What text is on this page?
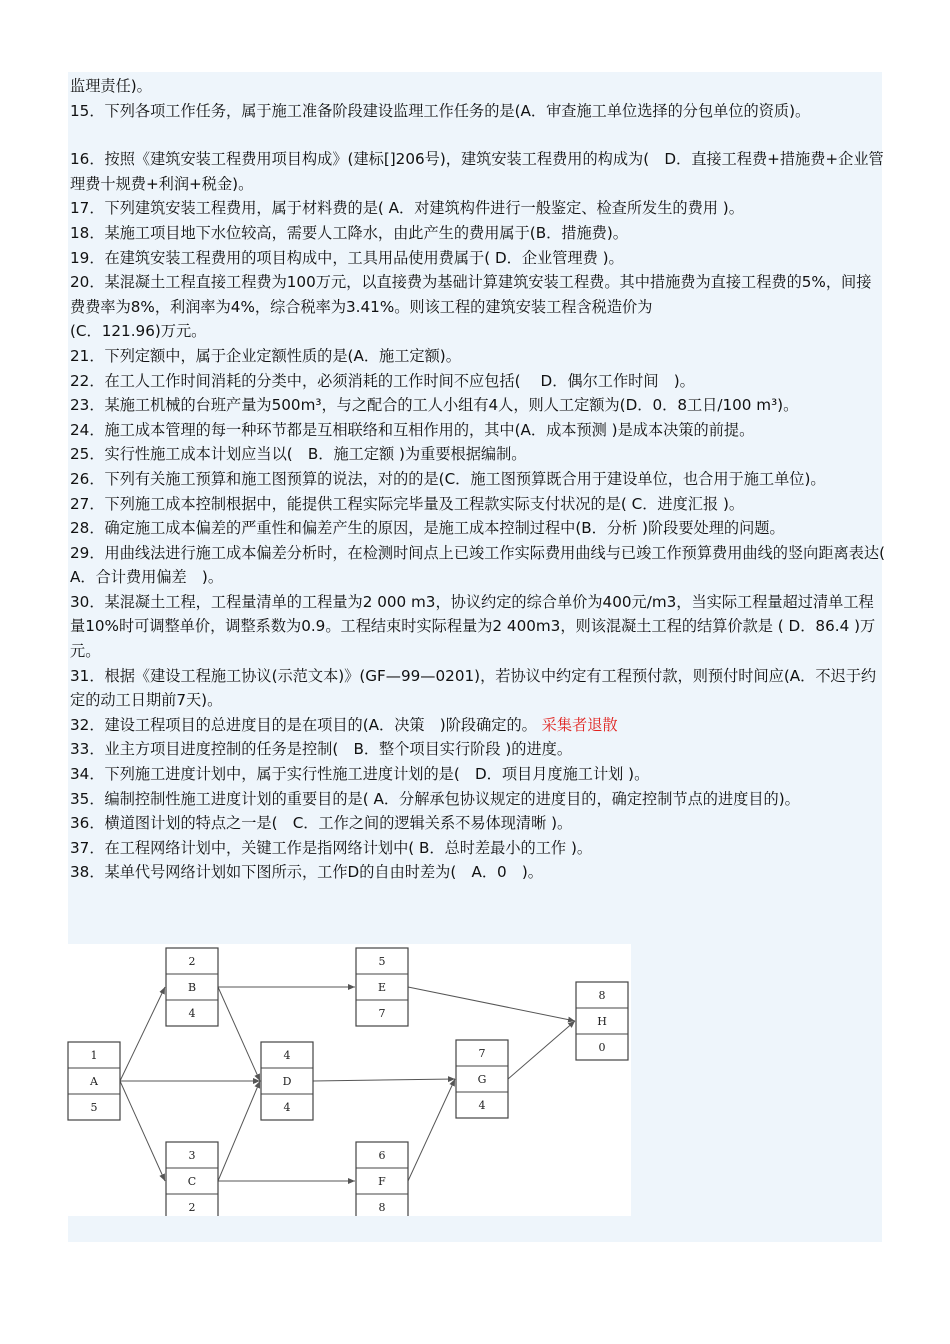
监理责任)。

15．下列各项工作任务，属于施工准备阶段建设监理工作任务的是(A．审查施工单位选择的分包单位的资质)。

16．按照《建筑安装工程费用项目构成》(建标[]206号)，建筑安装工程费用的构成为(　D．直接工程费+措施费+企业管理费十规费+利润+税金)。

17．下列建筑安装工程费用，属于材料费的是( A．对建筑构件进行一般鉴定、检查所发生的费用 )。

18．某施工项目地下水位较高，需要人工降水，由此产生的费用属于(B．措施费)。

19．在建筑安装工程费用的项目构成中，工具用品使用费属于( D．企业管理费 )。

20．某混凝土工程直接工程费为100万元，以直接费为基础计算建筑安装工程费。其中措施费为直接工程费的5%，间接费费率为8%，利润率为4%，综合税率为3.41%。则该工程的建筑安装工程含税造价为

(C．121.96)万元。

21．下列定额中，属于企业定额性质的是(A．施工定额)。

22．在工人工作时间消耗的分类中，必须消耗的工作时间不应包括( 　D．偶尔工作时间　)。

23．某施工机械的台班产量为500m³，与之配合的工人小组有4人，则人工定额为(D．0．8工日/100 m³)。

24．施工成本管理的每一种环节都是互相联络和互相作用的，其中(A．成本预测 )是成本决策的前提。

25．实行性施工成本计划应当以(　B．施工定额 )为重要根据编制。

26．下列有关施工预算和施工图预算的说法，对的的是(C．施工图预算既合用于建设单位，也合用于施工单位)。

27．下列施工成本控制根据中，能提供工程实际完毕量及工程款实际支付状况的是( C．进度汇报 )。

28．确定施工成本偏差的严重性和偏差产生的原因，是施工成本控制过程中(B．分析 )阶段要处理的问题。

29．用曲线法进行施工成本偏差分析时，在检测时间点上已竣工作实际费用曲线与已竣工作预算费用曲线的竖向距离表达(　A．合计费用偏差　)。

30．某混凝土工程，工程量清单的工程量为2 000 m3，协议约定的综合单价为400元/m3，当实际工程量超过清单工程量10%时可调整单价，调整系数为0.9。工程结束时实际程量为2 400m3，则该混凝土工程的结算价款是 ( D．86.4 )万元。

31．根据《建设工程施工协议(示范文本)》(GF—99—0201)，若协议中约定有工程预付款，则预付时间应(A．不迟于约定的动工日期前7天)。

32．建设工程项目的总进度目的是在项目的(A．决策　)阶段确定的。 采集者退散

33．业主方项目进度控制的任务是控制(　B．整个项目实行阶段 )的进度。

34．下列施工进度计划中，属于实行性施工进度计划的是(　D．项目月度施工计划 )。

35．编制控制性施工进度计划的重要目的是( A．分解承包协议规定的进度目的，确定控制节点的进度目的)。

36．横道图计划的特点之一是(　C．工作之间的逻辑关系不易体现清晰 )。

37．在工程网络计划中，关键工作是指网络计划中( B．总时差最小的工作 )。

38．某单代号网络计划如下图所示，工作D的自由时差为(　A．0　)。

1
A
5
2
B
4
3
C
2
4
D
4
5
E
7
6
F
8
7
G
4
8
H
0
